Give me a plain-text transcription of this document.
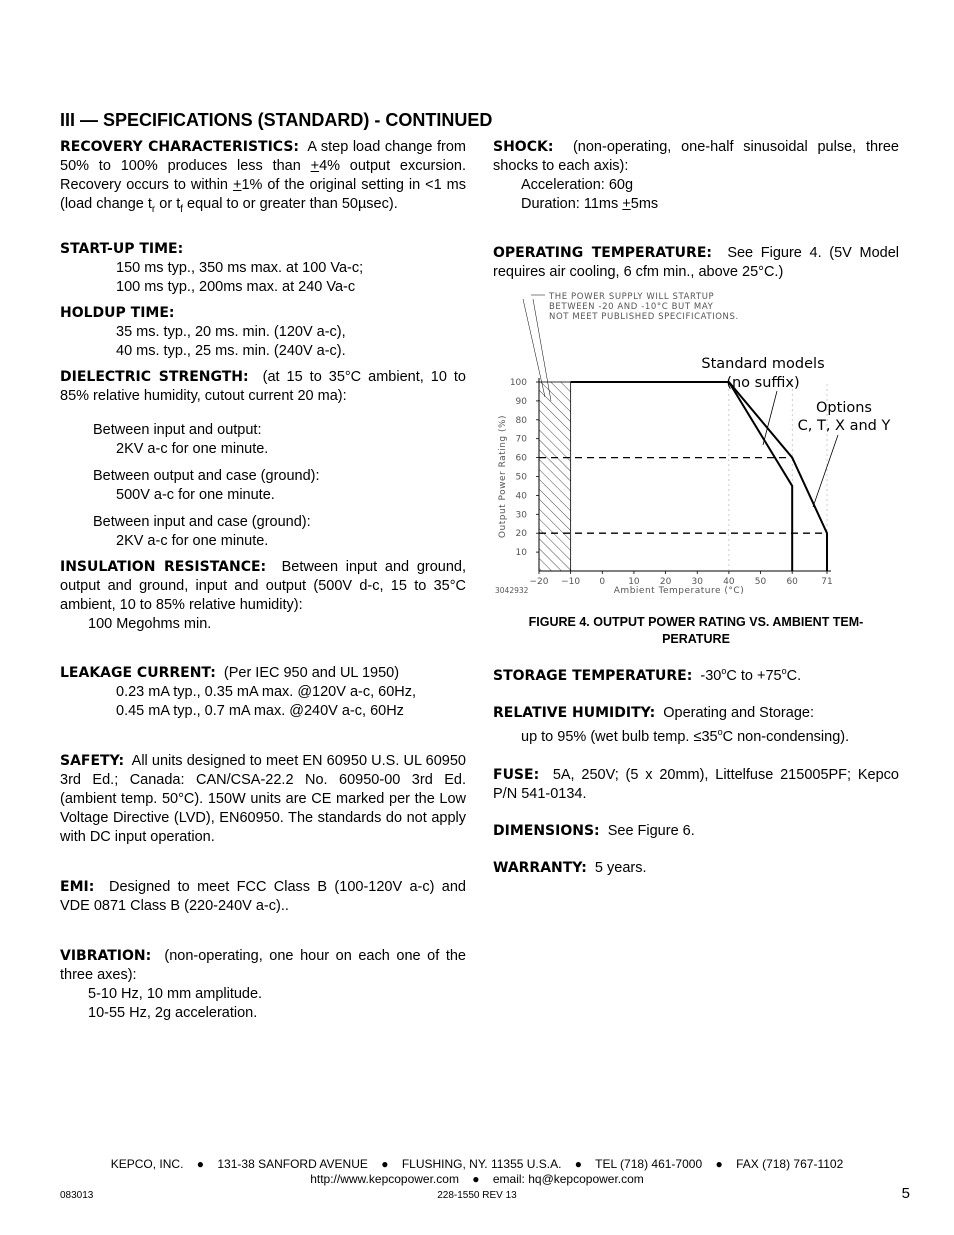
III — SPECIFICATIONS (STANDARD) - CONTINUED

RECOVERY CHARACTERISTICS: A step load change from 50% to 100% produces less than +4% output excursion. Recovery occurs to within +1% of the original setting in <1 ms (load change $t_r$ or $t_f$ equal to or greater than 50µsec).

START-UP TIME:

150 ms typ., 350 ms max. at 100 Va-c;

100 ms typ., 200ms max. at 240 Va-c

HOLDUP TIME:

35 ms. typ., 20 ms. min. (120V a-c),

40 ms. typ., 25 ms. min. (240V a-c).

DIELECTRIC STRENGTH: (at 15 to 35°C ambient, 10 to 85% relative humidity, cutout current 20 ma):

Between input and output:

2KV a-c for one minute.

Between output and case (ground):

500V a-c for one minute.

Between input and case (ground):

2KV a-c for one minute.

INSULATION RESISTANCE: Between input and ground, output and ground, input and output (500V d-c, 15 to 35°C ambient, 10 to 85% relative humidity):

100 Megohms min.

LEAKAGE CURRENT: (Per IEC 950 and UL 1950)

0.23 mA typ., 0.35 mA max. @120V a-c, 60Hz,

0.45 mA typ., 0.7 mA max. @240V a-c, 60Hz

SAFETY: All units designed to meet EN 60950 U.S. UL 60950 3rd Ed.; Canada: CAN/CSA-22.2 No. 60950-00 3rd Ed. (ambient temp. 50°C). 150W units are CE marked per the Low Voltage Directive (LVD), EN60950. The standards do not apply with DC input operation.

EMI: Designed to meet FCC Class B (100-120V a-c) and VDE 0871 Class B (220-240V a-c)..

VIBRATION: (non-operating, one hour on each one of the three axes):

5-10 Hz, 10 mm amplitude.

10-55 Hz, 2g acceleration.

SHOCK: (non-operating, one-half sinusoidal pulse, three shocks to each axis):

Acceleration: 60g

Duration: 11ms +5ms

OPERATING TEMPERATURE: See Figure 4. (5V Model requires air cooling, 6 cfm min., above 25°C.)

−20 −10 0	10 20 30 40 50 60	71
10
20
30
40
50
60
70
80
90
100
Ambient Temperature (°C)
Output Power Rating (%)
3042932
THE POWER SUPPLY WILL STARTUP
BETWEEN -20 AND -10°C BUT MAY
NOT MEET PUBLISHED SPECIFICATIONS.
Standard models
(no suffix)
Options
C, T, X and Y
FIGURE 4. OUTPUT POWER RATING VS. AMBIENT TEM-
PERATURE

STORAGE TEMPERATURE: -30$^o$C to $+75^oC$.

RELATIVE HUMIDITY: Operating and Storage:

up to 95% (wet bulb temp. $\le 35^oC$ non-condensing).

FUSE: 5A, 250V; (5 x 20mm), Littelfuse 215005PF; Kepco P/N 541-0134.

DIMENSIONS: See Figure 6.

WARRANTY: 5 years.

KEPCO, INC. ● 131-38 SANFORD AVENUE ● FLUSHING, NY. 11355 U.S.A. ● TEL (718) 461-7000 ● FAX (718) 767-1102
http://www.kepcopower.com ● email: hq@kepcopower.com
083013	228-1550 REV 13	5
